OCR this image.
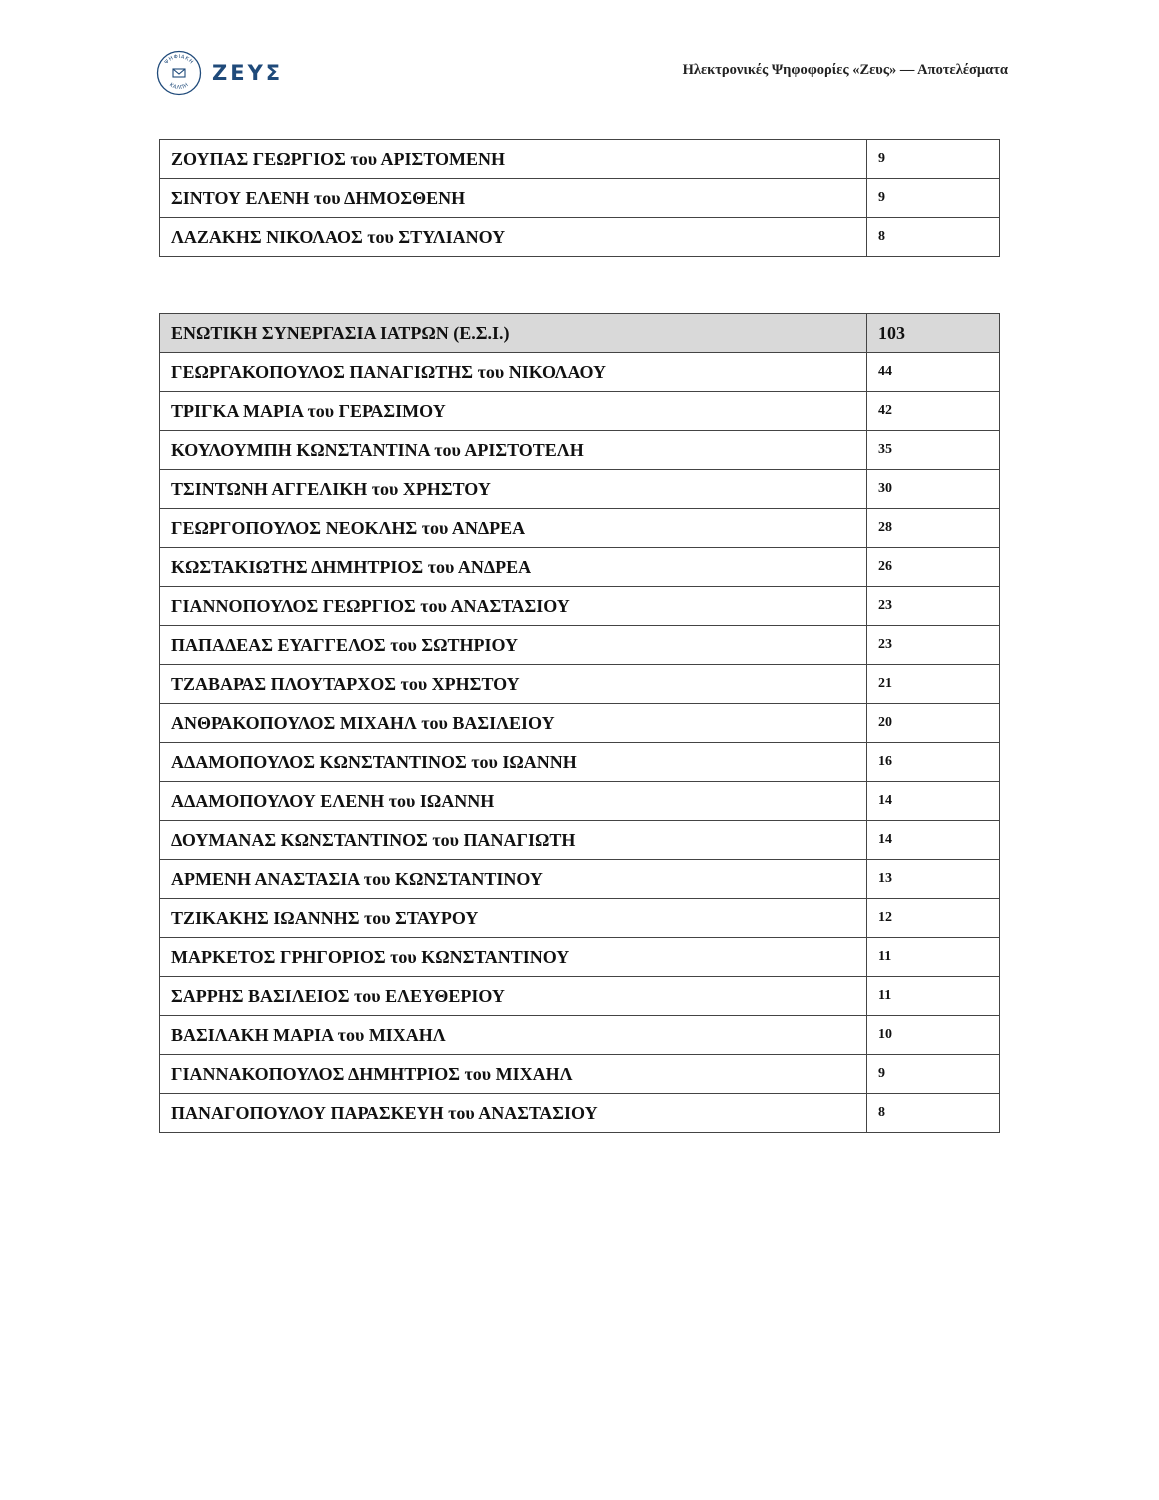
ΨΗΦΙΑΚΗ
ΚΑΛΠΗ
ΖΕΥΣ	Ηλεκτρονικές Ψηφοφορίες «Ζευς» — Αποτελέσματα
ΖΟΥΠΑΣ ΓΕΩΡΓΙΟΣ του ΑΡΙΣΤΟΜΕΝΗ	9
ΣΙΝΤΟΥ ΕΛΕΝΗ του ΔΗΜΟΣΘΕΝΗ	9
ΛΑΖΑΚΗΣ ΝΙΚΟΛΑΟΣ του ΣΤΥΛΙΑΝΟΥ	8
ΕΝΩΤΙΚΗ ΣΥΝΕΡΓΑΣΙΑ ΙΑΤΡΩΝ (Ε.Σ.Ι.)	103
ΓΕΩΡΓΑΚΟΠΟΥΛΟΣ ΠΑΝΑΓΙΩΤΗΣ του ΝΙΚΟΛΑΟΥ	44
ΤΡΙΓΚΑ ΜΑΡΙΑ του ΓΕΡΑΣΙΜΟΥ	42
ΚΟΥΛΟΥΜΠΗ ΚΩΝΣΤΑΝΤΙΝΑ του ΑΡΙΣΤΟΤΕΛΗ	35
ΤΣΙΝΤΩΝΗ ΑΓΓΕΛΙΚΗ του ΧΡΗΣΤΟΥ	30
ΓΕΩΡΓΟΠΟΥΛΟΣ ΝΕΟΚΛΗΣ του ΑΝΔΡΕΑ	28
ΚΩΣΤΑΚΙΩΤΗΣ ΔΗΜΗΤΡΙΟΣ του ΑΝΔΡΕΑ	26
ΓΙΑΝΝΟΠΟΥΛΟΣ ΓΕΩΡΓΙΟΣ του ΑΝΑΣΤΑΣΙΟΥ	23
ΠΑΠΑΔΕΑΣ ΕΥΑΓΓΕΛΟΣ του ΣΩΤΗΡΙΟΥ	23
ΤΖΑΒΑΡΑΣ ΠΛΟΥΤΑΡΧΟΣ του ΧΡΗΣΤΟΥ	21
ΑΝΘΡΑΚΟΠΟΥΛΟΣ ΜΙΧΑΗΛ του ΒΑΣΙΛΕΙΟΥ	20
ΑΔΑΜΟΠΟΥΛΟΣ ΚΩΝΣΤΑΝΤΙΝΟΣ του ΙΩΑΝΝΗ	16
ΑΔΑΜΟΠΟΥΛΟΥ ΕΛΕΝΗ του ΙΩΑΝΝΗ	14
ΔΟΥΜΑΝΑΣ ΚΩΝΣΤΑΝΤΙΝΟΣ του ΠΑΝΑΓΙΩΤΗ	14
ΑΡΜΕΝΗ ΑΝΑΣΤΑΣΙΑ του ΚΩΝΣΤΑΝΤΙΝΟΥ	13
ΤΖΙΚΑΚΗΣ ΙΩΑΝΝΗΣ του ΣΤΑΥΡΟΥ	12
ΜΑΡΚΕΤΟΣ ΓΡΗΓΟΡΙΟΣ του ΚΩΝΣΤΑΝΤΙΝΟΥ	11
ΣΑΡΡΗΣ ΒΑΣΙΛΕΙΟΣ του ΕΛΕΥΘΕΡΙΟΥ	11
ΒΑΣΙΛΑΚΗ ΜΑΡΙΑ του ΜΙΧΑΗΛ	10
ΓΙΑΝΝΑΚΟΠΟΥΛΟΣ ΔΗΜΗΤΡΙΟΣ του ΜΙΧΑΗΛ	9
ΠΑΝΑΓΟΠΟΥΛΟΥ ΠΑΡΑΣΚΕΥΗ του ΑΝΑΣΤΑΣΙΟΥ	8
